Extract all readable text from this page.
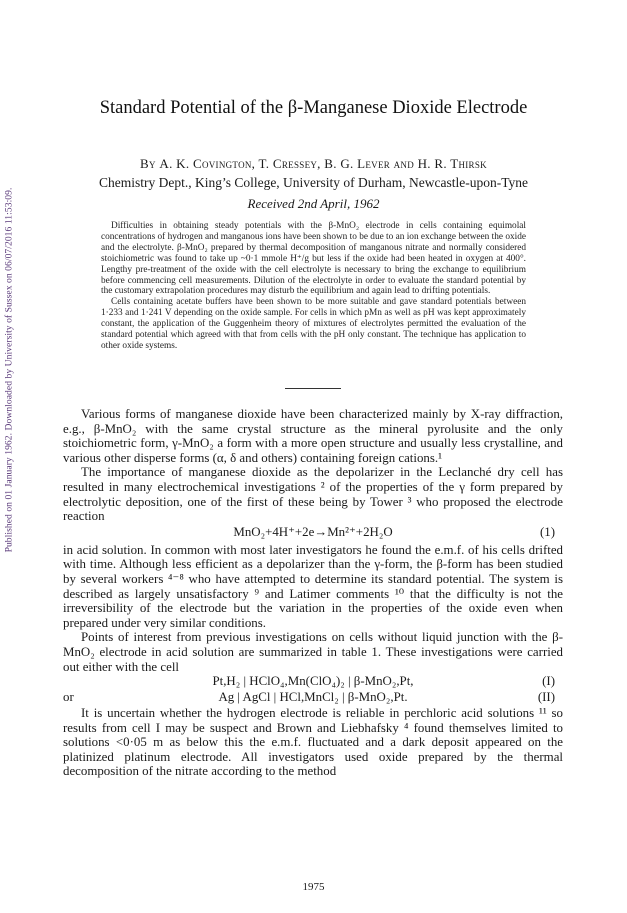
Published on 01 January 1962. Downloaded by University of Sussex on 06/07/2016 11:53:09.
Standard Potential of the β-Manganese Dioxide Electrode
By A. K. Covington, T. Cressey, B. G. Lever and H. R. Thirsk
Chemistry Dept., King’s College, University of Durham, Newcastle-upon-Tyne
Received 2nd April, 1962

Difficulties in obtaining steady potentials with the β-MnO₂ electrode in cells containing equimolal concentrations of hydrogen and manganous ions have been shown to be due to an ion exchange between the oxide and the electrolyte. β-MnO₂ prepared by thermal decomposition of manganous nitrate and normally considered stoichiometric was found to take up ~0·1 mmole H⁺/g but less if the oxide had been heated in oxygen at 400°. Lengthy pre-treatment of the oxide with the cell electrolyte is necessary to bring the exchange to equilibrium before commencing cell measurements. Dilution of the electrolyte in order to evaluate the standard potential by the customary extrapolation procedures may disturb the equilibrium and again lead to drifting potentials.

Cells containing acetate buffers have been shown to be more suitable and gave standard potentials between 1·233 and 1·241 V depending on the oxide sample. For cells in which pMn as well as pH was kept approximately constant, the application of the Guggenheim theory of mixtures of electrolytes permitted the evaluation of the standard potential which agreed with that from cells with the pH only constant. The technique has application to other oxide systems.

Various forms of manganese dioxide have been characterized mainly by X-ray diffraction, e.g., β-MnO₂ with the same crystal structure as the mineral pyrolusite and the only stoichiometric form, γ-MnO₂ a form with a more open structure and usually less crystalline, and various other disperse forms (α, δ and others) containing foreign cations.¹

The importance of manganese dioxide as the depolarizer in the Leclanché dry cell has resulted in many electrochemical investigations ² of the properties of the γ form prepared by electrolytic deposition, one of the first of these being by Tower ³ who proposed the electrode reaction

MnO₂+4H⁺+2e→Mn²⁺+2H₂O	(1)

in acid solution. In common with most later investigators he found the e.m.f. of his cells drifted with time. Although less efficient as a depolarizer than the γ-form, the β-form has been studied by several workers ⁴⁻⁸ who have attempted to determine its standard potential. The system is described as largely unsatisfactory ⁹ and Latimer comments ¹⁰ that the difficulty is not the irreversibility of the electrode but the variation in the properties of the oxide even when prepared under very similar conditions.

Points of interest from previous investigations on cells without liquid junction with the β-MnO₂ electrode in acid solution are summarized in table 1. These investigations were carried out either with the cell

Pt,H₂ | HClO₄,Mn(ClO₄)₂ | β-MnO₂,Pt,	(I)
or	Ag | AgCl | HCl,MnCl₂ | β-MnO₂,Pt.	(II)

It is uncertain whether the hydrogen electrode is reliable in perchloric acid solutions ¹¹ so results from cell I may be suspect and Brown and Liebhafsky ⁴ found themselves limited to solutions <0·05 m as below this the e.m.f. fluctuated and a dark deposit appeared on the platinized platinum electrode. All investigators used oxide prepared by the thermal decomposition of the nitrate according to the method

1975
